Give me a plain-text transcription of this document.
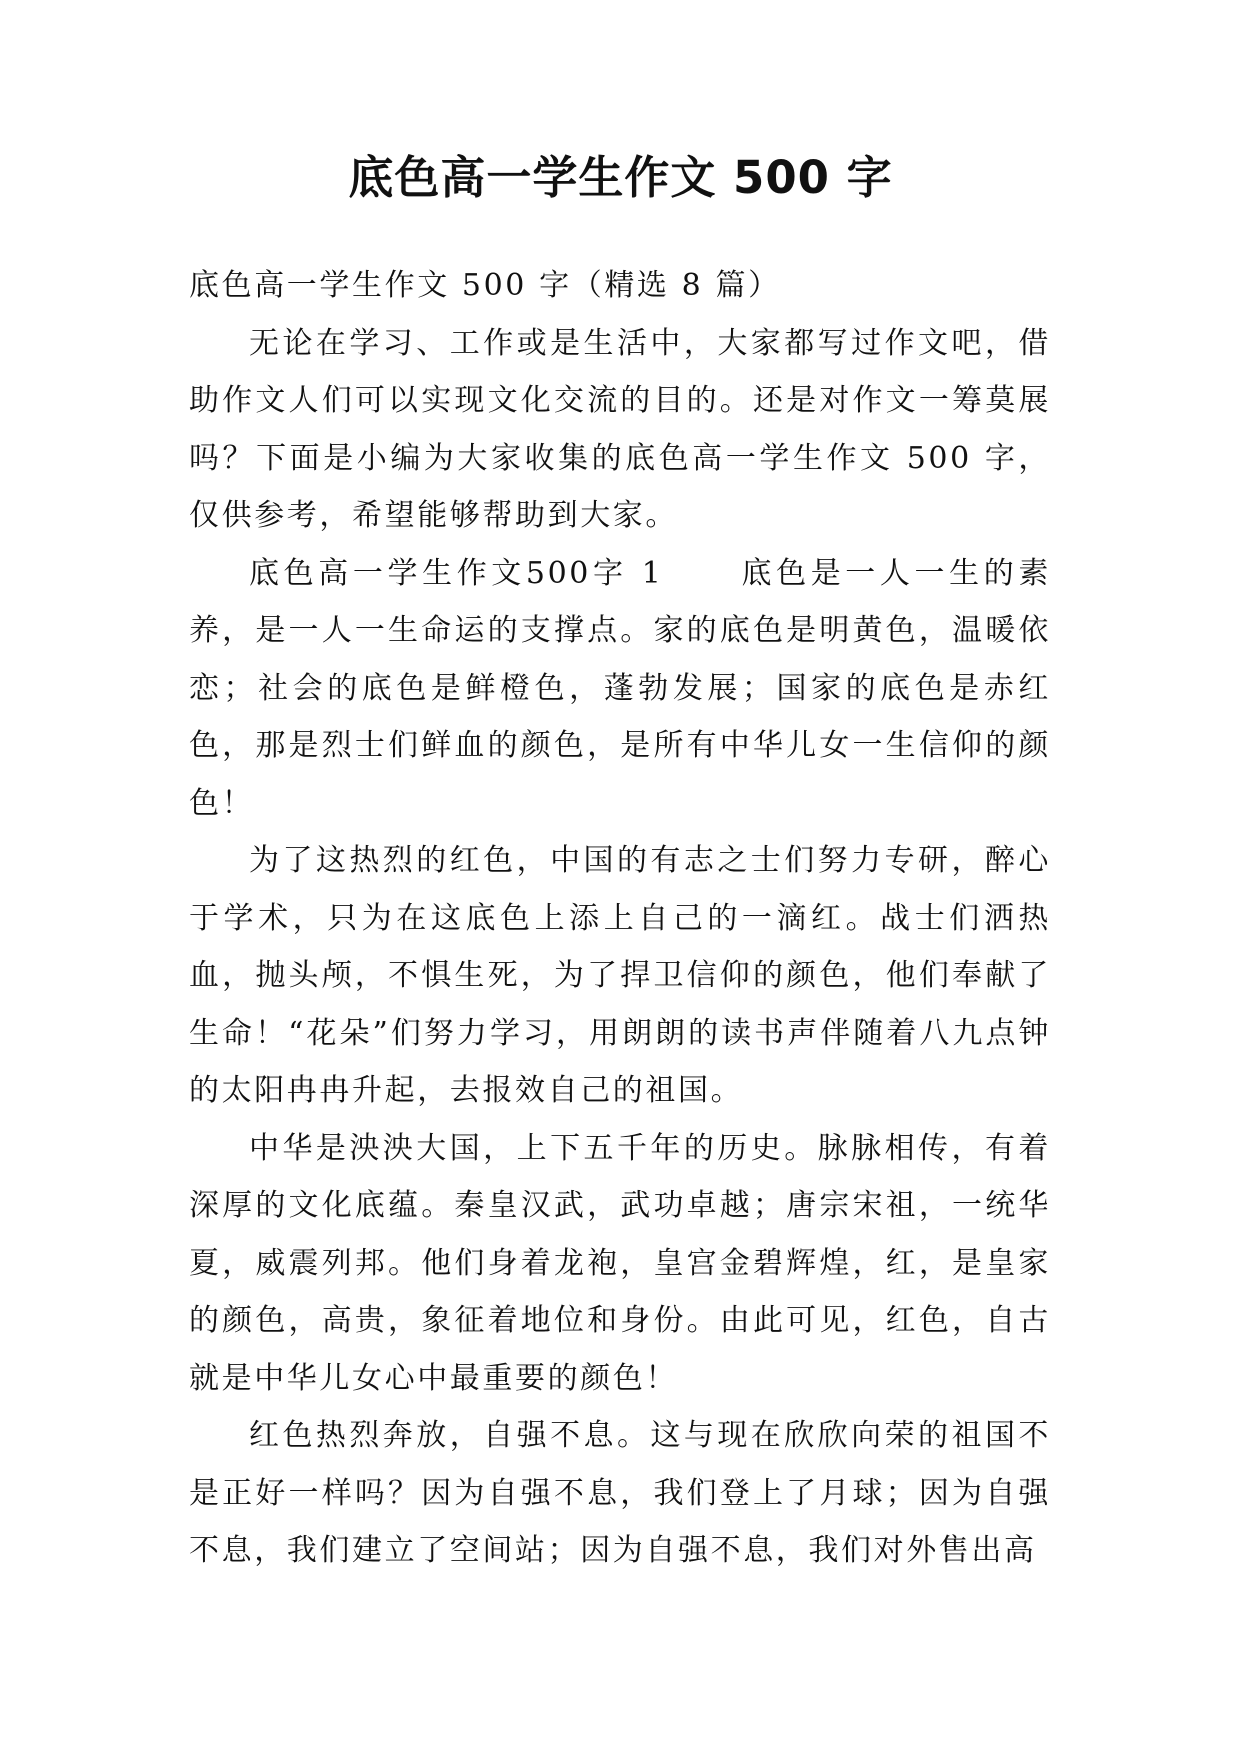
底色高一学生作文 500 字

底色高一学生作文 500 字（精选 8 篇）

无论在学习、工作或是生活中，大家都写过作文吧，借助作文人们可以实现文化交流的目的。还是对作文一筹莫展吗？下面是小编为大家收集的底色高一学生作文 500 字，仅供参考，希望能够帮助到大家。

底色高一学生作文500字 1	底色是一人一生的素养，是一人一生命运的支撑点。家的底色是明黄色，温暖依恋；社会的底色是鲜橙色，蓬勃发展；国家的底色是赤红色，那是烈士们鲜血的颜色，是所有中华儿女一生信仰的颜色！

为了这热烈的红色，中国的有志之士们努力专研，醉心于学术，只为在这底色上添上自己的一滴红。战士们洒热血，抛头颅，不惧生死，为了捍卫信仰的颜色，他们奉献了生命！“花朵”们努力学习，用朗朗的读书声伴随着八九点钟的太阳冉冉升起，去报效自己的祖国。

中华是泱泱大国，上下五千年的历史。脉脉相传，有着深厚的文化底蕴。秦皇汉武，武功卓越；唐宗宋祖，一统华夏，威震列邦。他们身着龙袍，皇宫金碧辉煌，红，是皇家的颜色，高贵，象征着地位和身份。由此可见，红色，自古就是中华儿女心中最重要的颜色！

红色热烈奔放，自强不息。这与现在欣欣向荣的祖国不是正好一样吗？因为自强不息，我们登上了月球；因为自强不息，我们建立了空间站；因为自强不息，我们对外售出高
